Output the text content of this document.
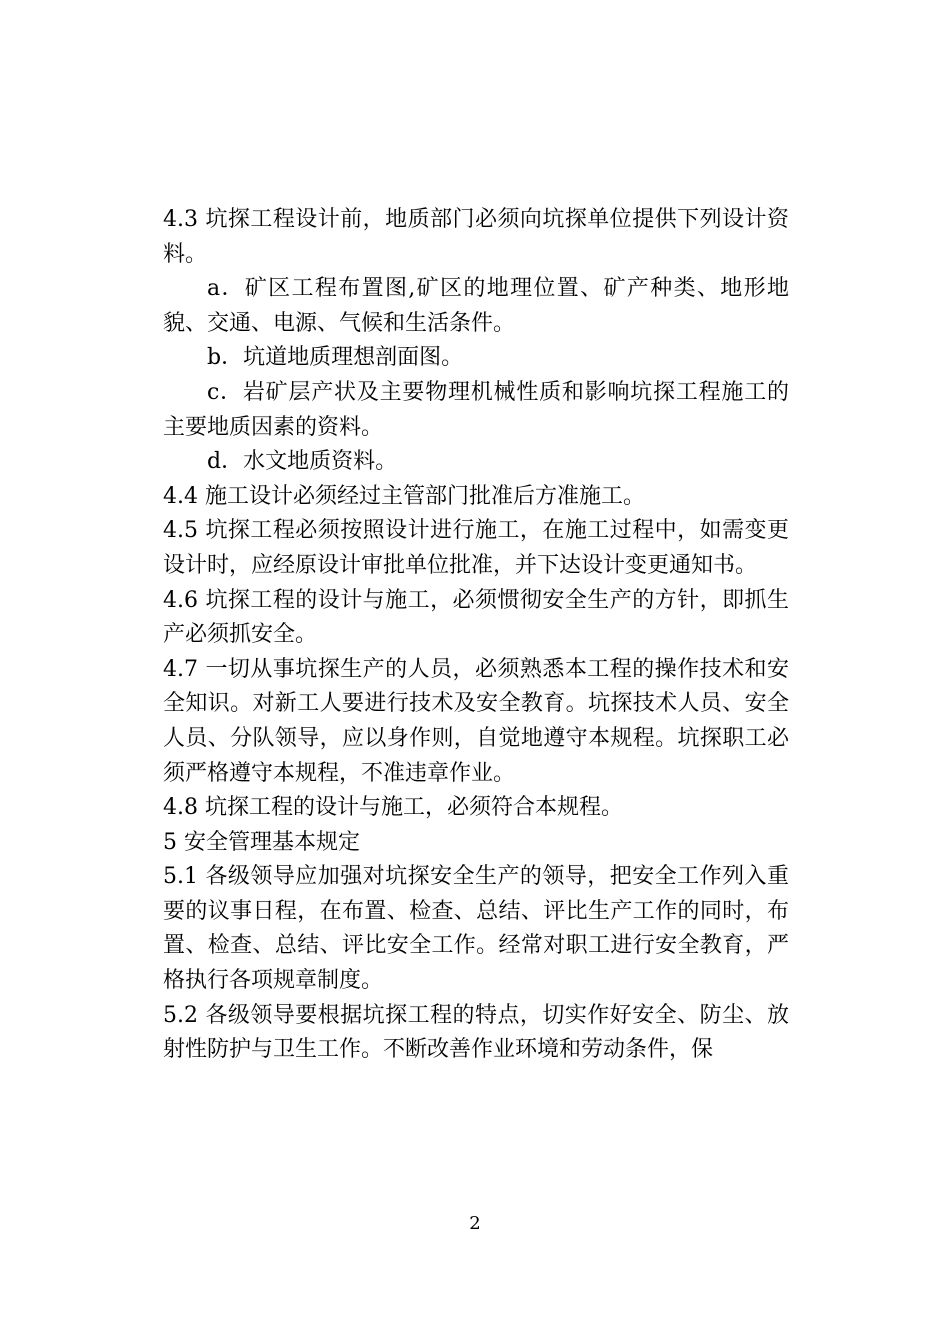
4.3 坑探工程设计前，地质部门必须向坑探单位提供下列设计资料。

a．矿区工程布置图,矿区的地理位置、矿产种类、地形地貌、交通、电源、气候和生活条件。

b．坑道地质理想剖面图。

c．岩矿层产状及主要物理机械性质和影响坑探工程施工的主要地质因素的资料。

d．水文地质资料。

4.4 施工设计必须经过主管部门批准后方准施工。

4.5 坑探工程必须按照设计进行施工，在施工过程中，如需变更设计时，应经原设计审批单位批准，并下达设计变更通知书。

4.6 坑探工程的设计与施工，必须惯彻安全生产的方针，即抓生产必须抓安全。

4.7 一切从事坑探生产的人员，必须熟悉本工程的操作技术和安全知识。对新工人要进行技术及安全教育。坑探技术人员、安全人员、分队领导，应以身作则，自觉地遵守本规程。坑探职工必须严格遵守本规程，不准违章作业。

4.8 坑探工程的设计与施工，必须符合本规程。

5 安全管理基本规定

5.1 各级领导应加强对坑探安全生产的领导，把安全工作列入重要的议事日程，在布置、检查、总结、评比生产工作的同时，布置、检查、总结、评比安全工作。经常对职工进行安全教育，严格执行各项规章制度。

5.2 各级领导要根据坑探工程的特点，切实作好安全、防尘、放射性防护与卫生工作。不断改善作业环境和劳动条件，保

2
